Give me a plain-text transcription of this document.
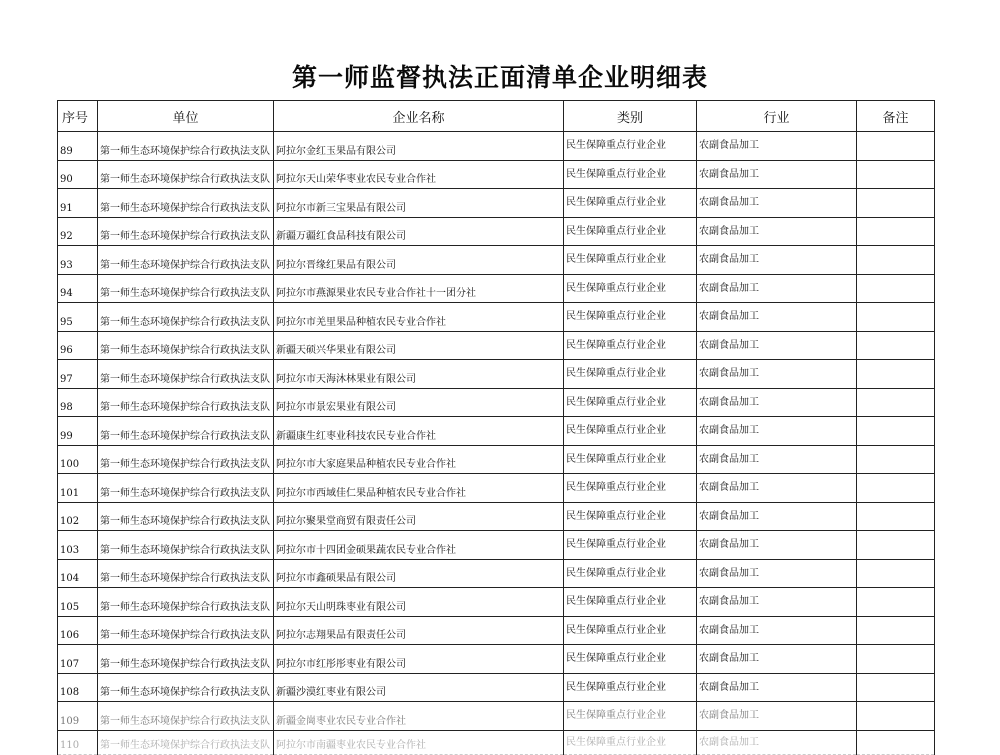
第一师监督执法正面清单企业明细表
序号	单位	企业名称	类别	行业	备注
89	第一师生态环境保护综合行政执法支队	阿拉尔金红玉果品有限公司	民生保障重点行业企业	农副食品加工	
90	第一师生态环境保护综合行政执法支队	阿拉尔天山荣华枣业农民专业合作社	民生保障重点行业企业	农副食品加工	
91	第一师生态环境保护综合行政执法支队	阿拉尔市新三宝果品有限公司	民生保障重点行业企业	农副食品加工	
92	第一师生态环境保护综合行政执法支队	新疆万疆红食品科技有限公司	民生保障重点行业企业	农副食品加工	
93	第一师生态环境保护综合行政执法支队	阿拉尔晋缘红果品有限公司	民生保障重点行业企业	农副食品加工	
94	第一师生态环境保护综合行政执法支队	阿拉尔市燕源果业农民专业合作社十一团分社	民生保障重点行业企业	农副食品加工	
95	第一师生态环境保护综合行政执法支队	阿拉尔市羌里果品种植农民专业合作社	民生保障重点行业企业	农副食品加工	
96	第一师生态环境保护综合行政执法支队	新疆天硕兴华果业有限公司	民生保障重点行业企业	农副食品加工	
97	第一师生态环境保护综合行政执法支队	阿拉尔市天海沐林果业有限公司	民生保障重点行业企业	农副食品加工	
98	第一师生态环境保护综合行政执法支队	阿拉尔市景宏果业有限公司	民生保障重点行业企业	农副食品加工	
99	第一师生态环境保护综合行政执法支队	新疆康生红枣业科技农民专业合作社	民生保障重点行业企业	农副食品加工	
100	第一师生态环境保护综合行政执法支队	阿拉尔市大家庭果品种植农民专业合作社	民生保障重点行业企业	农副食品加工	
101	第一师生态环境保护综合行政执法支队	阿拉尔市西域佳仁果品种植农民专业合作社	民生保障重点行业企业	农副食品加工	
102	第一师生态环境保护综合行政执法支队	阿拉尔聚果堂商贸有限责任公司	民生保障重点行业企业	农副食品加工	
103	第一师生态环境保护综合行政执法支队	阿拉尔市十四团金硕果蔬农民专业合作社	民生保障重点行业企业	农副食品加工	
104	第一师生态环境保护综合行政执法支队	阿拉尔市鑫硕果品有限公司	民生保障重点行业企业	农副食品加工	
105	第一师生态环境保护综合行政执法支队	阿拉尔天山明珠枣业有限公司	民生保障重点行业企业	农副食品加工	
106	第一师生态环境保护综合行政执法支队	阿拉尔志翔果品有限责任公司	民生保障重点行业企业	农副食品加工	
107	第一师生态环境保护综合行政执法支队	阿拉尔市红彤彤枣业有限公司	民生保障重点行业企业	农副食品加工	
108	第一师生态环境保护综合行政执法支队	新疆沙漠红枣业有限公司	民生保障重点行业企业	农副食品加工	
109	第一师生态环境保护综合行政执法支队	新疆金崗枣业农民专业合作社	民生保障重点行业企业	农副食品加工	
110	第一师生态环境保护综合行政执法支队	阿拉尔市南疆枣业农民专业合作社	民生保障重点行业企业	农副食品加工	
